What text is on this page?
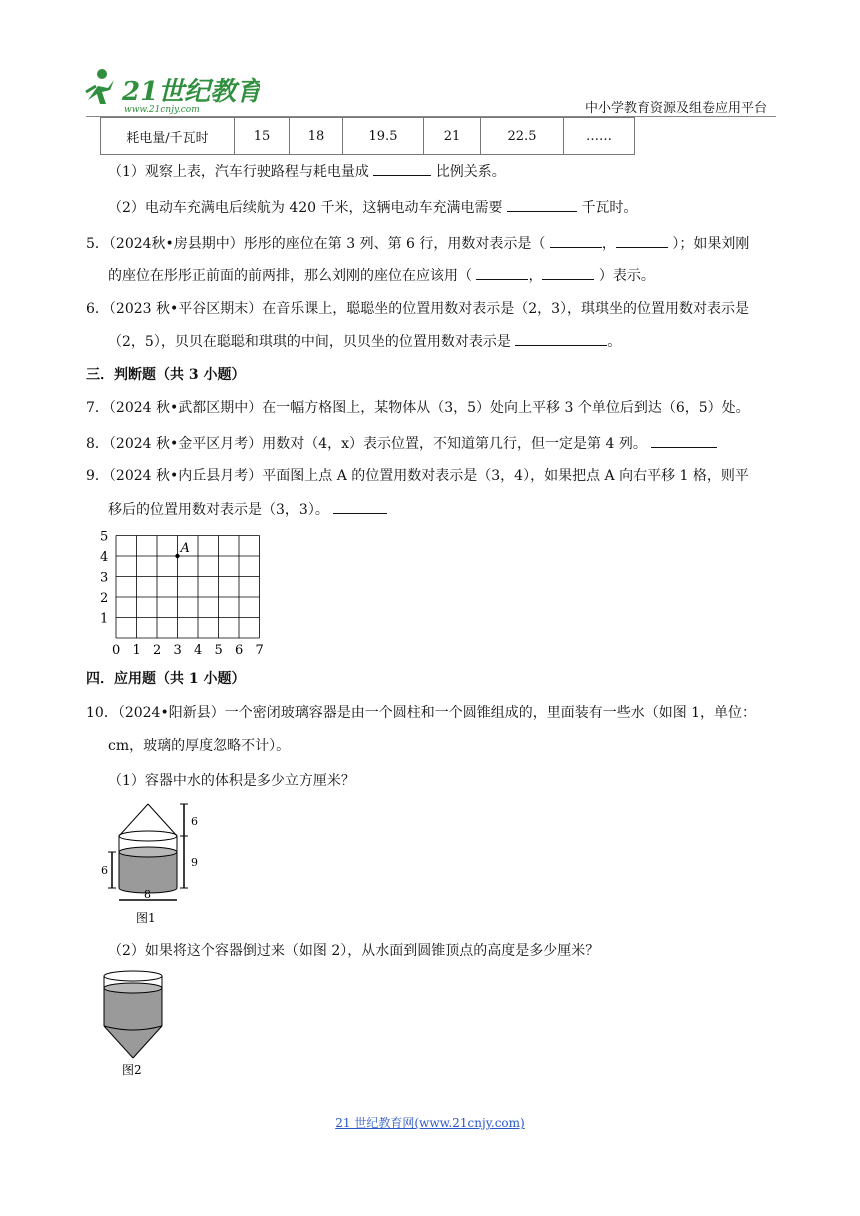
21世纪教育
www.21cnjy.com	中小学教育资源及组卷应用平台
耗电量/千瓦时	15	18	19.5	21	22.5	……
（1）观察上表，汽车行驶路程与耗电量成	比例关系。
（2）电动车充满电后续航为 420 千米，这辆电动车充满电需要	千瓦时。
5．（2024秋•房县期中）彤彤的座位在第 3 列、第 6 行，用数对表示是（	，	）；如果刘刚
的座位在彤彤正前面的前两排，那么刘刚的座位在应该用（	，	）表示。
6．（2023 秋•平谷区期末）在音乐课上，聪聪坐的位置用数对表示是（2，3），琪琪坐的位置用数对表示是
（2，5），贝贝在聪聪和琪琪的中间，贝贝坐的位置用数对表示是	。
三．判断题（共 3 小题）
7．（2024 秋•武都区期中）在一幅方格图上，某物体从（3，5）处向上平移 3 个单位后到达（6，5）处。
8．（2024 秋•金平区月考）用数对（4，x）表示位置，不知道第几行，但一定是第 4 列。
9．（2024 秋•内丘县月考）平面图上点 A 的位置用数对表示是（3，4），如果把点 A 向右平移 1 格，则平
移后的位置用数对表示是（3，3）。
0 1 2 3 4 5 6 7
1
2
3
4
5
A
四．应用题（共 1 小题）
10．（2024•阳新县）一个密闭玻璃容器是由一个圆柱和一个圆锥组成的，里面装有一些水（如图 1，单位：
cm，玻璃的厚度忽略不计）。
（1）容器中水的体积是多少立方厘米？
6
9
6
8
图1
（2）如果将这个容器倒过来（如图 2），从水面到圆锥顶点的高度是多少厘米？
图2
21 世纪教育网(www.21cnjy.com)
